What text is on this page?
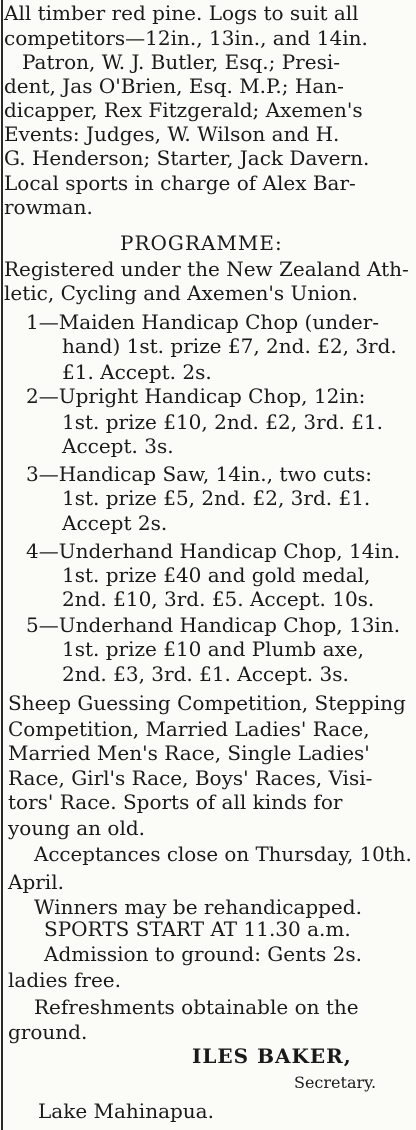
All timber red pine. Logs to suit all
competitors—12in., 13in., and 14in.
Patron, W. J. Butler, Esq.; Presi-
dent, Jas O'Brien, Esq. M.P.; Han-
dicapper, Rex Fitzgerald; Axemen's
Events: Judges, W. Wilson and H.
G. Henderson; Starter, Jack Davern.
Local sports in charge of Alex Bar-
rowman.
PROGRAMME:
Registered under the New Zealand Ath-
letic, Cycling and Axemen's Union.
1—Maiden Handicap Chop (under-
hand) 1st. prize £7, 2nd. £2, 3rd.
£1. Accept. 2s.
2—Upright Handicap Chop, 12in:
1st. prize £10, 2nd. £2, 3rd. £1.
Accept. 3s.
3—Handicap Saw, 14in., two cuts:
1st. prize £5, 2nd. £2, 3rd. £1.
Accept 2s.
4—Underhand Handicap Chop, 14in.
1st. prize £40 and gold medal,
2nd. £10, 3rd. £5. Accept. 10s.
5—Underhand Handicap Chop, 13in.
1st. prize £10 and Plumb axe,
2nd. £3, 3rd. £1. Accept. 3s.
Sheep Guessing Competition, Stepping
Competition, Married Ladies' Race,
Married Men's Race, Single Ladies'
Race, Girl's Race, Boys' Races, Visi-
tors' Race. Sports of all kinds for
young an old.
Acceptances close on Thursday, 10th.
April.
Winners may be rehandicapped.
SPORTS START AT 11.30 a.m.
Admission to ground: Gents 2s.
ladies free.
Refreshments obtainable on the
ground.
ILES BAKER,
Secretary.
Lake Mahinapua.
